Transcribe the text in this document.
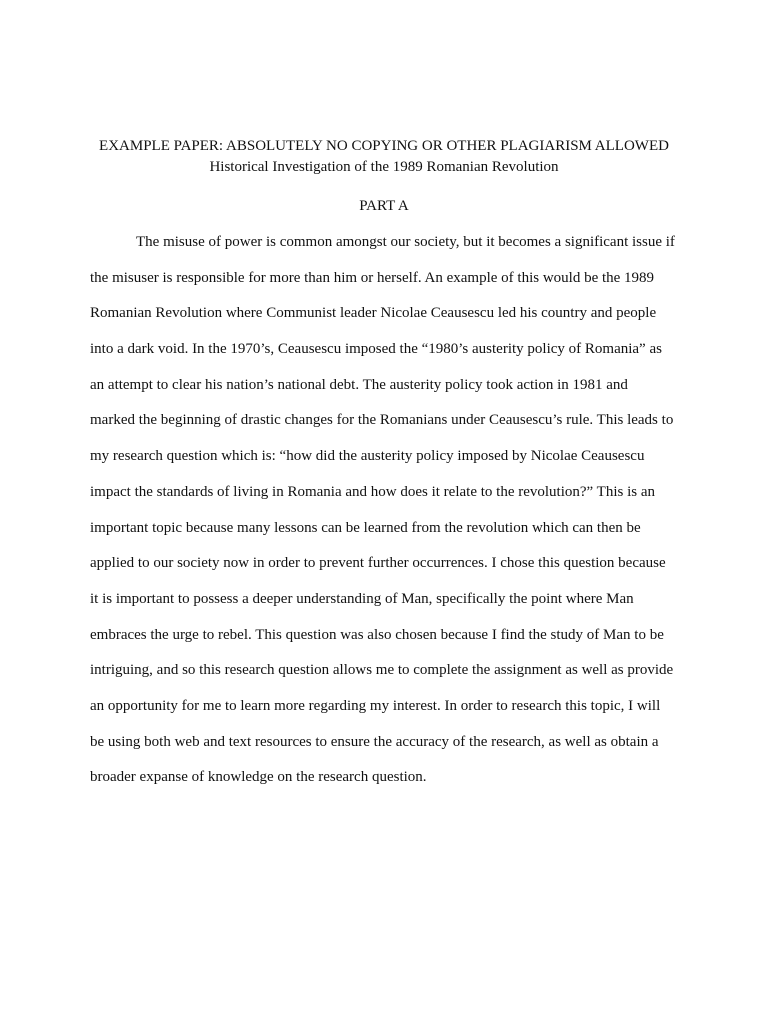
EXAMPLE PAPER: ABSOLUTELY NO COPYING OR OTHER PLAGIARISM ALLOWED
Historical Investigation of the 1989 Romanian Revolution
PART A
The misuse of power is common amongst our society, but it becomes a significant issue if
the misuser is responsible for more than him or herself. An example of this would be the 1989
Romanian Revolution where Communist leader Nicolae Ceausescu led his country and people
into a dark void. In the 1970’s, Ceausescu imposed the “1980’s austerity policy of Romania” as
an attempt to clear his nation’s national debt. The austerity policy took action in 1981 and
marked the beginning of drastic changes for the Romanians under Ceausescu’s rule. This leads to
my research question which is: “how did the austerity policy imposed by Nicolae Ceausescu
impact the standards of living in Romania and how does it relate to the revolution?” This is an
important topic because many lessons can be learned from the revolution which can then be
applied to our society now in order to prevent further occurrences. I chose this question because
it is important to possess a deeper understanding of Man, specifically the point where Man
embraces the urge to rebel. This question was also chosen because I find the study of Man to be
intriguing, and so this research question allows me to complete the assignment as well as provide
an opportunity for me to learn more regarding my interest. In order to research this topic, I will
be using both web and text resources to ensure the accuracy of the research, as well as obtain a
broader expanse of knowledge on the research question.
